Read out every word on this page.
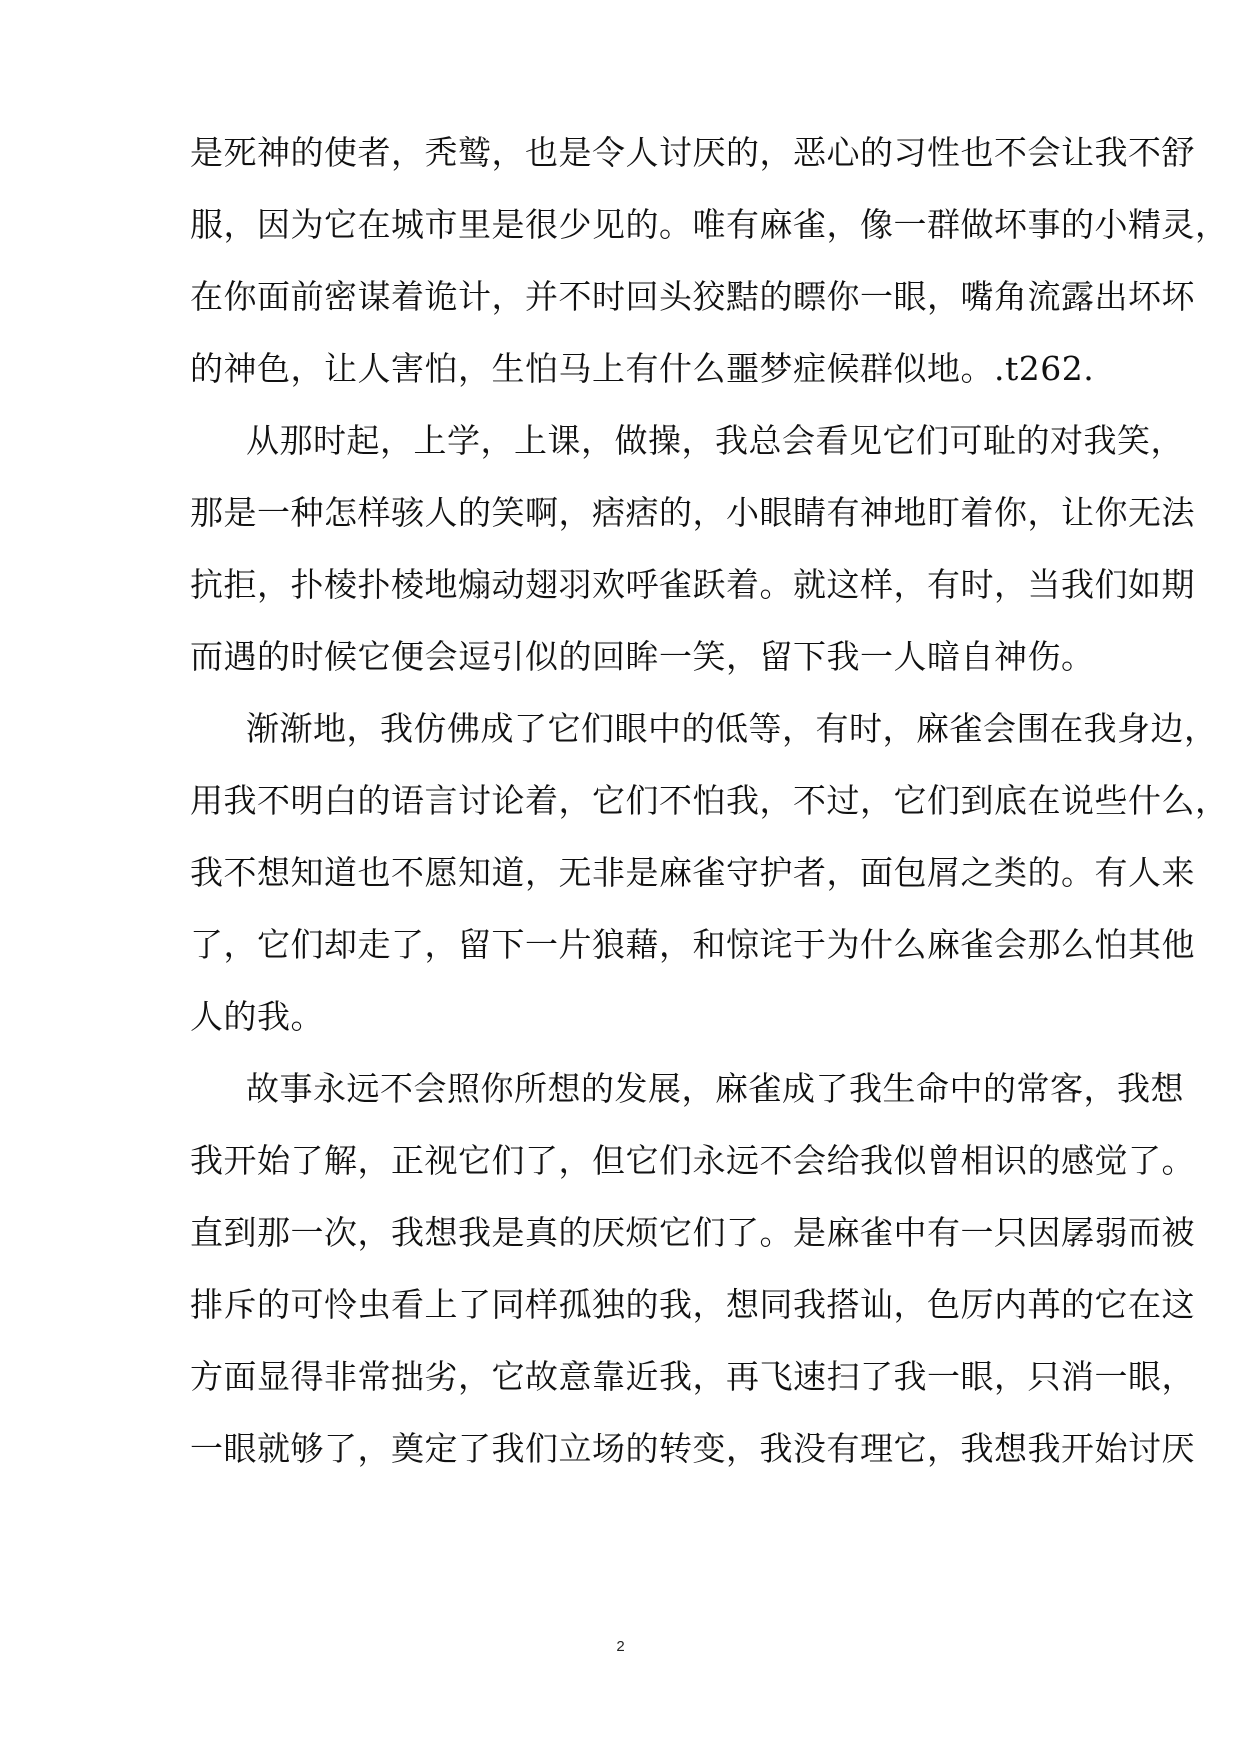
是死神的使者，秃鹫，也是令人讨厌的，恶心的习性也不会让我不舒
服，因为它在城市里是很少见的。唯有麻雀，像一群做坏事的小精灵，
在你面前密谋着诡计，并不时回头狡黠的瞟你一眼，嘴角流露出坏坏
的神色，让人害怕，生怕马上有什么噩梦症候群似地。.t262.
从那时起，上学，上课，做操，我总会看见它们可耻的对我笑，
那是一种怎样骇人的笑啊，痞痞的，小眼睛有神地盯着你，让你无法
抗拒，扑棱扑棱地煽动翅羽欢呼雀跃着。就这样，有时，当我们如期
而遇的时候它便会逗引似的回眸一笑，留下我一人暗自神伤。
渐渐地，我仿佛成了它们眼中的低等，有时，麻雀会围在我身边，
用我不明白的语言讨论着，它们不怕我，不过，它们到底在说些什么，
我不想知道也不愿知道，无非是麻雀守护者，面包屑之类的。有人来
了，它们却走了，留下一片狼藉，和惊诧于为什么麻雀会那么怕其他
人的我。
故事永远不会照你所想的发展，麻雀成了我生命中的常客，我想
我开始了解，正视它们了，但它们永远不会给我似曾相识的感觉了。
直到那一次，我想我是真的厌烦它们了。是麻雀中有一只因孱弱而被
排斥的可怜虫看上了同样孤独的我，想同我搭讪，色厉内苒的它在这
方面显得非常拙劣，它故意靠近我，再飞速扫了我一眼，只消一眼，
一眼就够了，奠定了我们立场的转变，我没有理它，我想我开始讨厌
2
